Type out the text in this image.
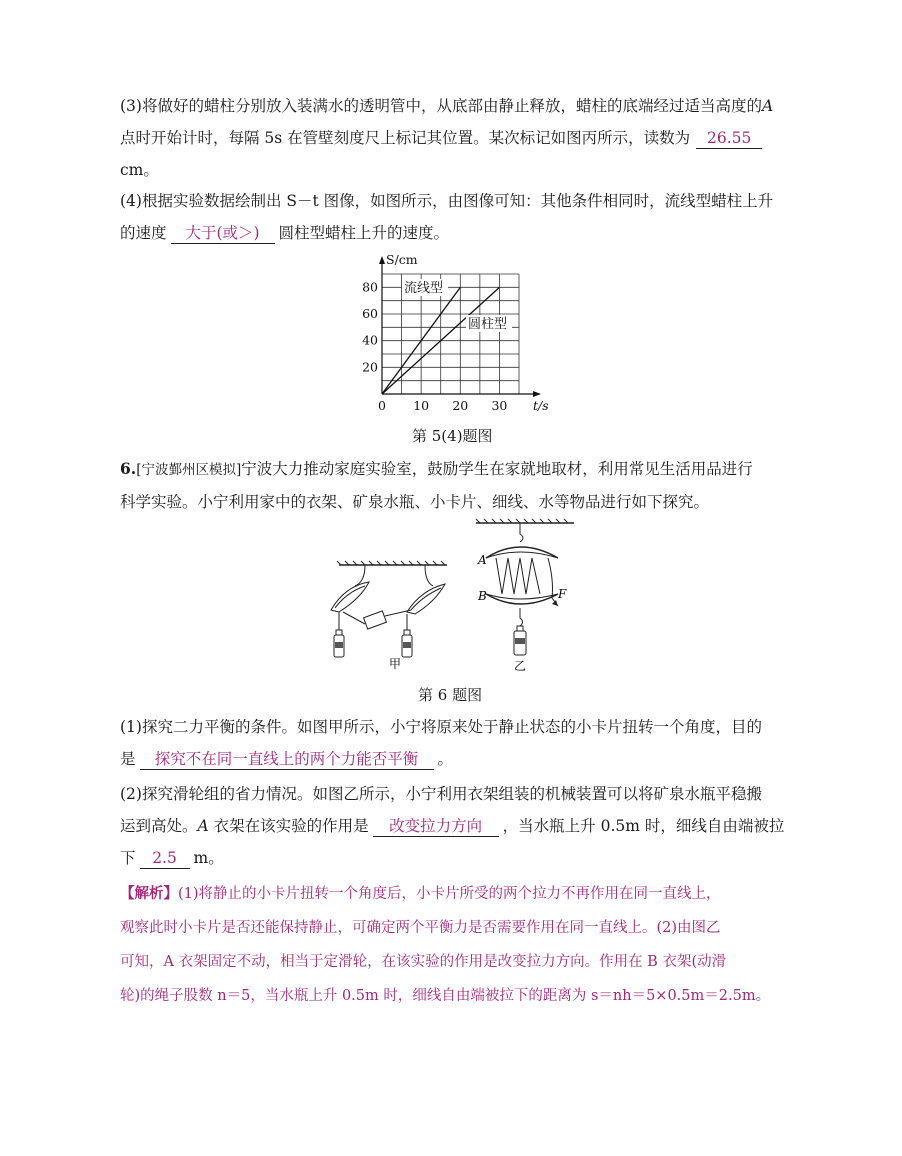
(3)将做好的蜡柱分别放入装满水的透明管中，从底部由静止释放，蜡柱的底端经过适当高度的A
点时开始计时，每隔 5s 在管壁刻度尺上标记其位置。某次标记如图丙所示，读数为 26.55
cm。
(4)根据实验数据绘制出 S－t 图像，如图所示，由图像可知：其他条件相同时，流线型蜡柱上升
的速度 大于(或＞) 圆柱型蜡柱上升的速度。
流线型
圆柱型
0 10 20 30
20
40
60
80
t/s
S/cm
第 5(4)题图
6.[宁波鄞州区模拟]宁波大力推动家庭实验室，鼓励学生在家就地取材，利用常见生活用品进行
科学实验。小宁利用家中的衣架、矿泉水瓶、小卡片、细线、水等物品进行如下探究。
甲
A
B	F
乙
第 6 题图
(1)探究二力平衡的条件。如图甲所示，小宁将原来处于静止状态的小卡片扭转一个角度，目的
是 探究不在同一直线上的两个力能否平衡 。
(2)探究滑轮组的省力情况。如图乙所示，小宁利用衣架组装的机械装置可以将矿泉水瓶平稳搬
运到高处。A 衣架在该实验的作用是 改变拉力方向 ，当水瓶上升 0.5m 时，细线自由端被拉
下 2.5 m。
【解析】(1)将静止的小卡片扭转一个角度后，小卡片所受的两个拉力不再作用在同一直线上，
观察此时小卡片是否还能保持静止，可确定两个平衡力是否需要作用在同一直线上。(2)由图乙
可知，A 衣架固定不动，相当于定滑轮，在该实验的作用是改变拉力方向。作用在 B 衣架(动滑
轮)的绳子股数 n＝5，当水瓶上升 0.5m 时，细线自由端被拉下的距离为 s＝nh＝5×0.5m＝2.5m。
